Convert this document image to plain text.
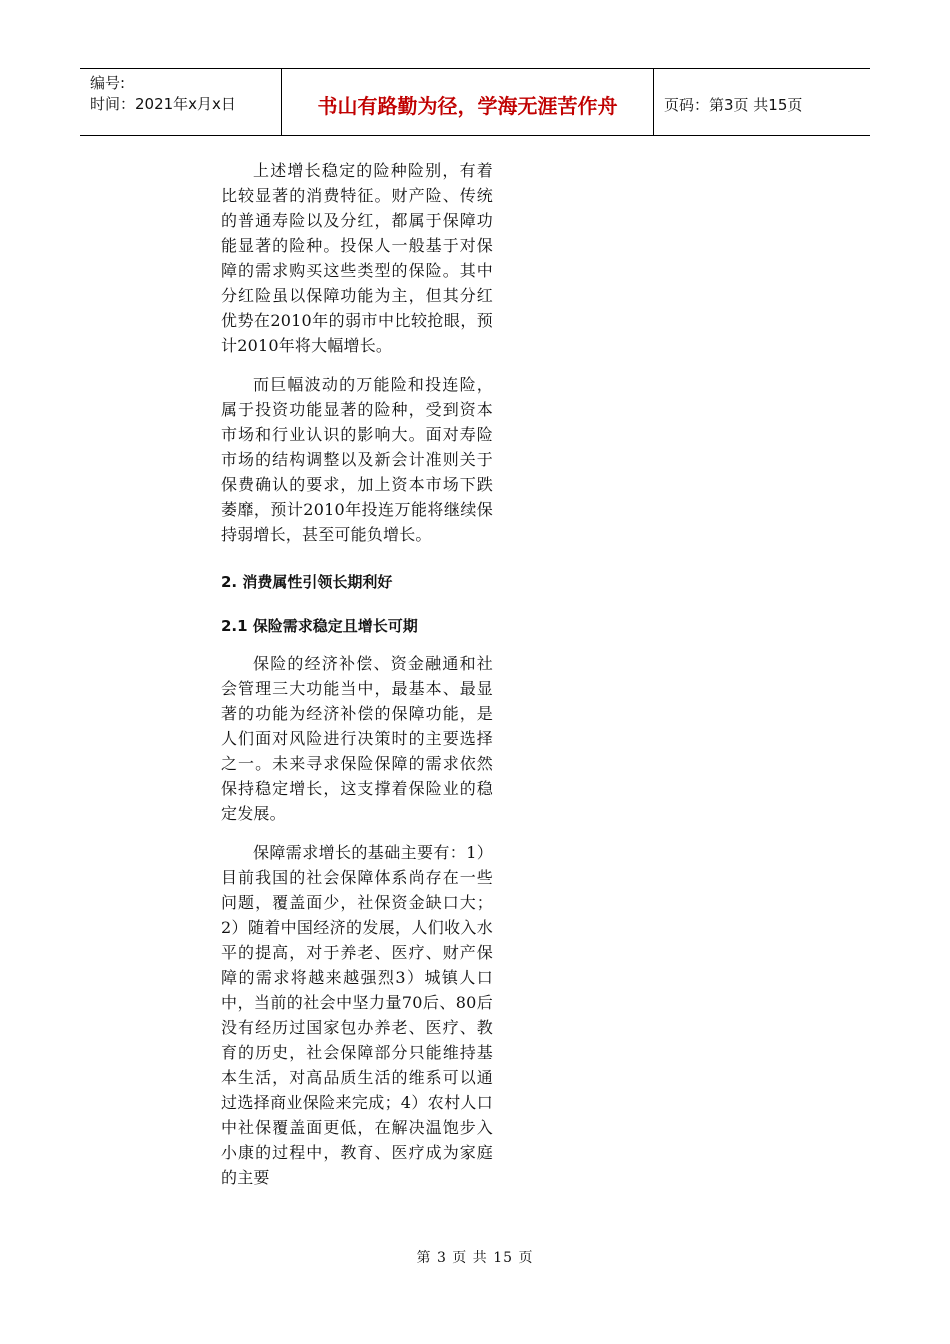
编号:
时间：2021年x月x日	书山有路勤为径，学海无涯苦作舟	页码：第3页 共15页

上述增长稳定的险种险别，有着比较显著的消费特征。财产险、传统的普通寿险以及分红，都属于保障功能显著的险种。投保人一般基于对保障的需求购买这些类型的保险。其中分红险虽以保障功能为主，但其分红优势在2010年的弱市中比较抢眼，预计2010年将大幅增长。

而巨幅波动的万能险和投连险，属于投资功能显著的险种，受到资本市场和行业认识的影响大。面对寿险市场的结构调整以及新会计准则关于保费确认的要求，加上资本市场下跌萎靡，预计2010年投连万能将继续保持弱增长，甚至可能负增长。

2. 消费属性引领长期利好
2.1 保险需求稳定且增长可期

保险的经济补偿、资金融通和社会管理三大功能当中，最基本、最显著的功能为经济补偿的保障功能，是人们面对风险进行决策时的主要选择之一。未来寻求保险保障的需求依然保持稳定增长，这支撑着保险业的稳定发展。

保障需求增长的基础主要有：1）目前我国的社会保障体系尚存在一些问题，覆盖面少，社保资金缺口大；2）随着中国经济的发展，人们收入水平的提高，对于养老、医疗、财产保障的需求将越来越强烈3）城镇人口中，当前的社会中坚力量70后、80后没有经历过国家包办养老、医疗、教育的历史，社会保障部分只能维持基本生活，对高品质生活的维系可以通过选择商业保险来完成；4）农村人口中社保覆盖面更低，在解决温饱步入小康的过程中，教育、医疗成为家庭的主要

第 3 页 共 15 页
